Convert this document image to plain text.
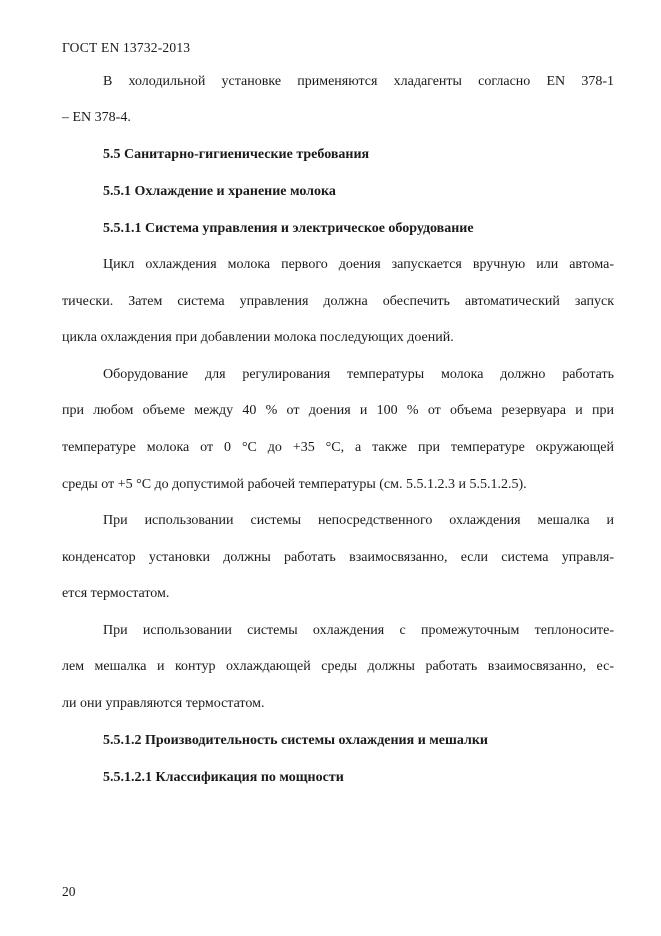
ГОСТ EN 13732-2013
В холодильной установке применяются хладагенты согласно EN 378-1
– EN 378-4.
5.5 Санитарно-гигиенические требования
5.5.1 Охлаждение и хранение молока
5.5.1.1 Система управления и электрическое оборудование
Цикл охлаждения молока первого доения запускается вручную или автома-
тически. Затем система управления должна обеспечить автоматический запуск
цикла охлаждения при добавлении молока последующих доений.
Оборудование для регулирования температуры молока должно работать
при любом объеме между 40 % от доения и 100 % от объема резервуара и при
температуре молока от 0 °С до +35 °С, а также при температуре окружающей
среды от +5 °С до допустимой рабочей температуры (см. 5.5.1.2.3 и 5.5.1.2.5).
При использовании системы непосредственного охлаждения мешалка и
конденсатор установки должны работать взаимосвязанно, если система управля-
ется термостатом.
При использовании системы охлаждения с промежуточным теплоносите-
лем мешалка и контур охлаждающей среды должны работать взаимосвязанно, ес-
ли они управляются термостатом.
5.5.1.2 Производительность системы охлаждения и мешалки
5.5.1.2.1 Классификация по мощности
20
